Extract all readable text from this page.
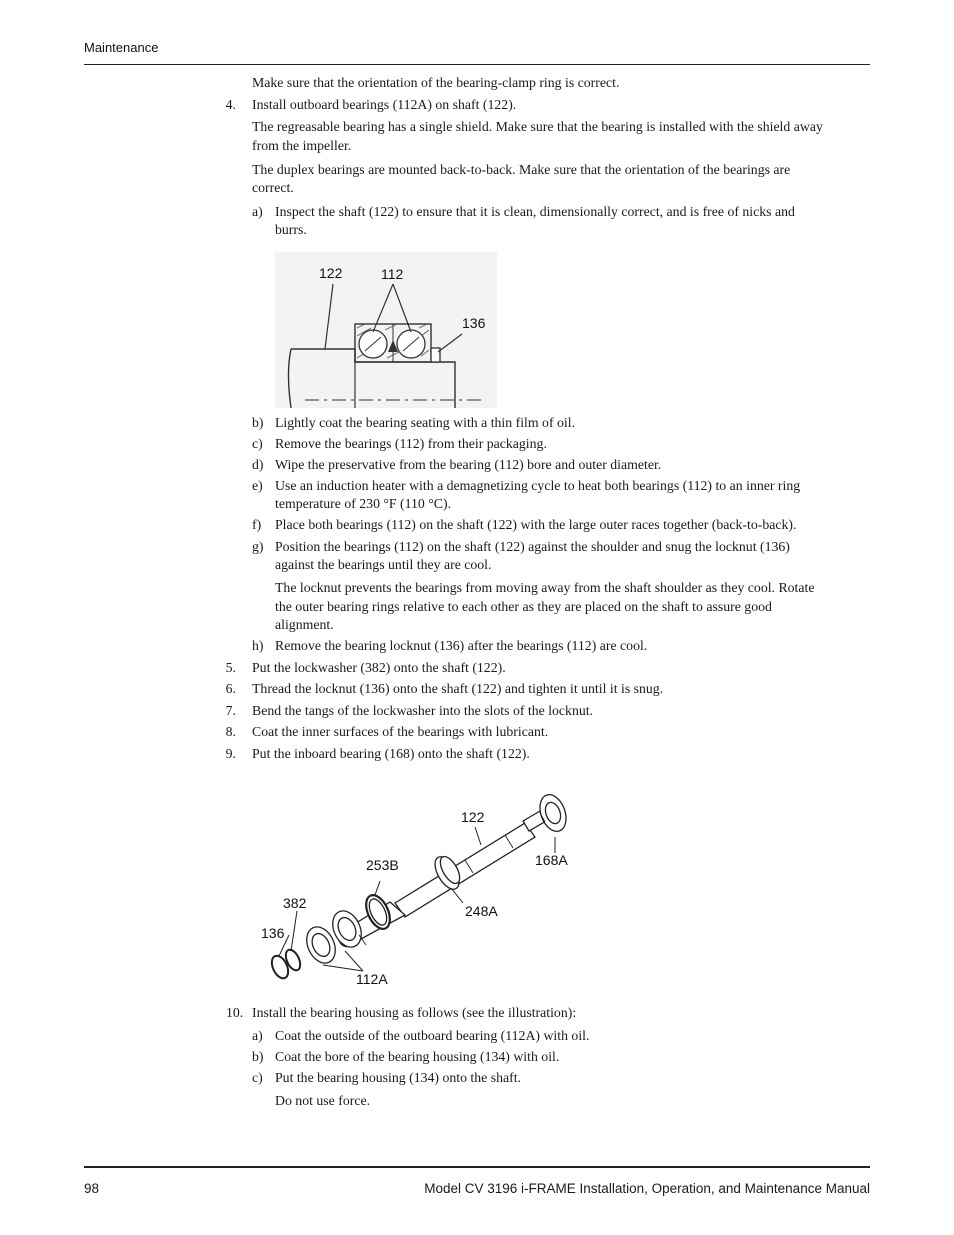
Maintenance
Make sure that the orientation of the bearing-clamp ring is correct.
4. Install outboard bearings (112A) on shaft (122).
The regreasable bearing has a single shield. Make sure that the bearing is installed with the shield away
from the impeller.
The duplex bearings are mounted back-to-back. Make sure that the orientation of the bearings are
correct.
a) Inspect the shaft (122) to ensure that it is clean, dimensionally correct, and is free of nicks and
burrs.
122	112
136
b) Lightly coat the bearing seating with a thin film of oil.
c) Remove the bearings (112) from their packaging.
d) Wipe the preservative from the bearing (112) bore and outer diameter.
e) Use an induction heater with a demagnetizing cycle to heat both bearings (112) to an inner ring
temperature of 230 °F (110 °C).
f) Place both bearings (112) on the shaft (122) with the large outer races together (back-to-back).
g) Position the bearings (112) on the shaft (122) against the shoulder and snug the locknut (136)
against the bearings until they are cool.
The locknut prevents the bearings from moving away from the shaft shoulder as they cool. Rotate
the outer bearing rings relative to each other as they are placed on the shaft to assure good
alignment.
h) Remove the bearing locknut (136) after the bearings (112) are cool.
5. Put the lockwasher (382) onto the shaft (122).
6. Thread the locknut (136) onto the shaft (122) and tighten it until it is snug.
7. Bend the tangs of the lockwasher into the slots of the locknut.
8. Coat the inner surfaces of the bearings with lubricant.
9. Put the inboard bearing (168) onto the shaft (122).
122
168A
253B
248A
382
136
112A
10. Install the bearing housing as follows (see the illustration):
a) Coat the outside of the outboard bearing (112A) with oil.
b) Coat the bore of the bearing housing (134) with oil.
c) Put the bearing housing (134) onto the shaft.
Do not use force.
98	Model CV 3196 i-FRAME Installation, Operation, and Maintenance Manual
